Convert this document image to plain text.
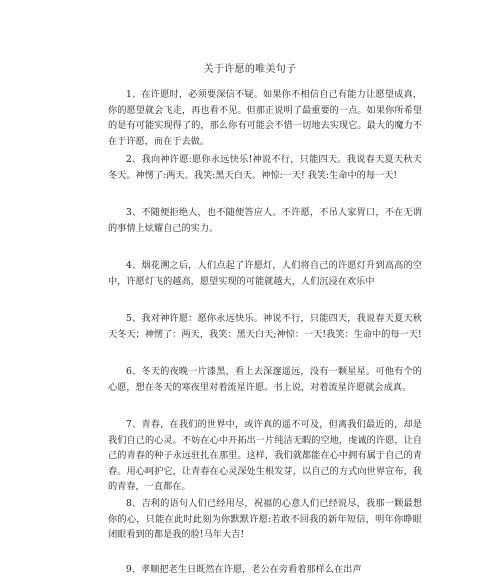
关于许愿的唯美句子

1、在许愿时，必须要深信不疑。如果你不相信自己有能力让愿望成真，你的愿望就会飞走，再也看不见。但那正说明了最重要的一点。如果你所希望的是有可能实现得了的，那么你有可能会不惜一切地去实现它。最大的魔力不在于许愿，而在于去做。

2、我向神许愿:愿你永远快乐!神说不行，只能四天。我说春天夏天秋天冬天。神愣了:两天。我笑:黑天白天。神惊:一天! 我笑:生命中的每一天!

3、不随便拒绝人，也不随便答应人。不许愿，不吊人家胃口，不在无谓的事情上炫耀自己的实力。

4、烟花溯之后，人们点起了许愿灯，人们将自己的许愿灯升到高高的空中，许愿灯飞的越高，愿望实现的可能就越大，人们沉浸在欢乐中

5、我对神许愿：愿你永远快乐。神说不行，只能四天，我说春天夏天秋天冬天；神愣了：两天，我笑：黑天白天;神惊：一天!我笑：生命中的每一天!

6、冬天的夜晚一片漆黑，看上去深邃遥远，没有一颗星星。可他有个的心愿，想在冬天的寒夜里对着流星许愿。书上说，对着流星许愿就会成真。

7、青春，在我们的世界中，或许真的遥不可及，但离我们最近的，却是我们自己的心灵。不妨在心中开拓出一片纯洁无暇的空地，虔诚的许愿，让自己的青春的种子永远驻扎在那里。这样，我们就都能在心中拥有属于自己的青春。用心呵护它，让青春在心灵深处生根发芽，以自己的方式向世界宣布，我的青春，一直都在。

8、吉利的语句人们已经用尽，祝福的心意人们已经说尽，我那一颗最想你的心，只能在此时此刻为你默默许愿:若敢不回我的新年短信，明年你睁眼闭眼看到的都是我的脸!马年大吉!

9、孝顺把老生日既然在许愿，老公在旁看着那样么在出声
